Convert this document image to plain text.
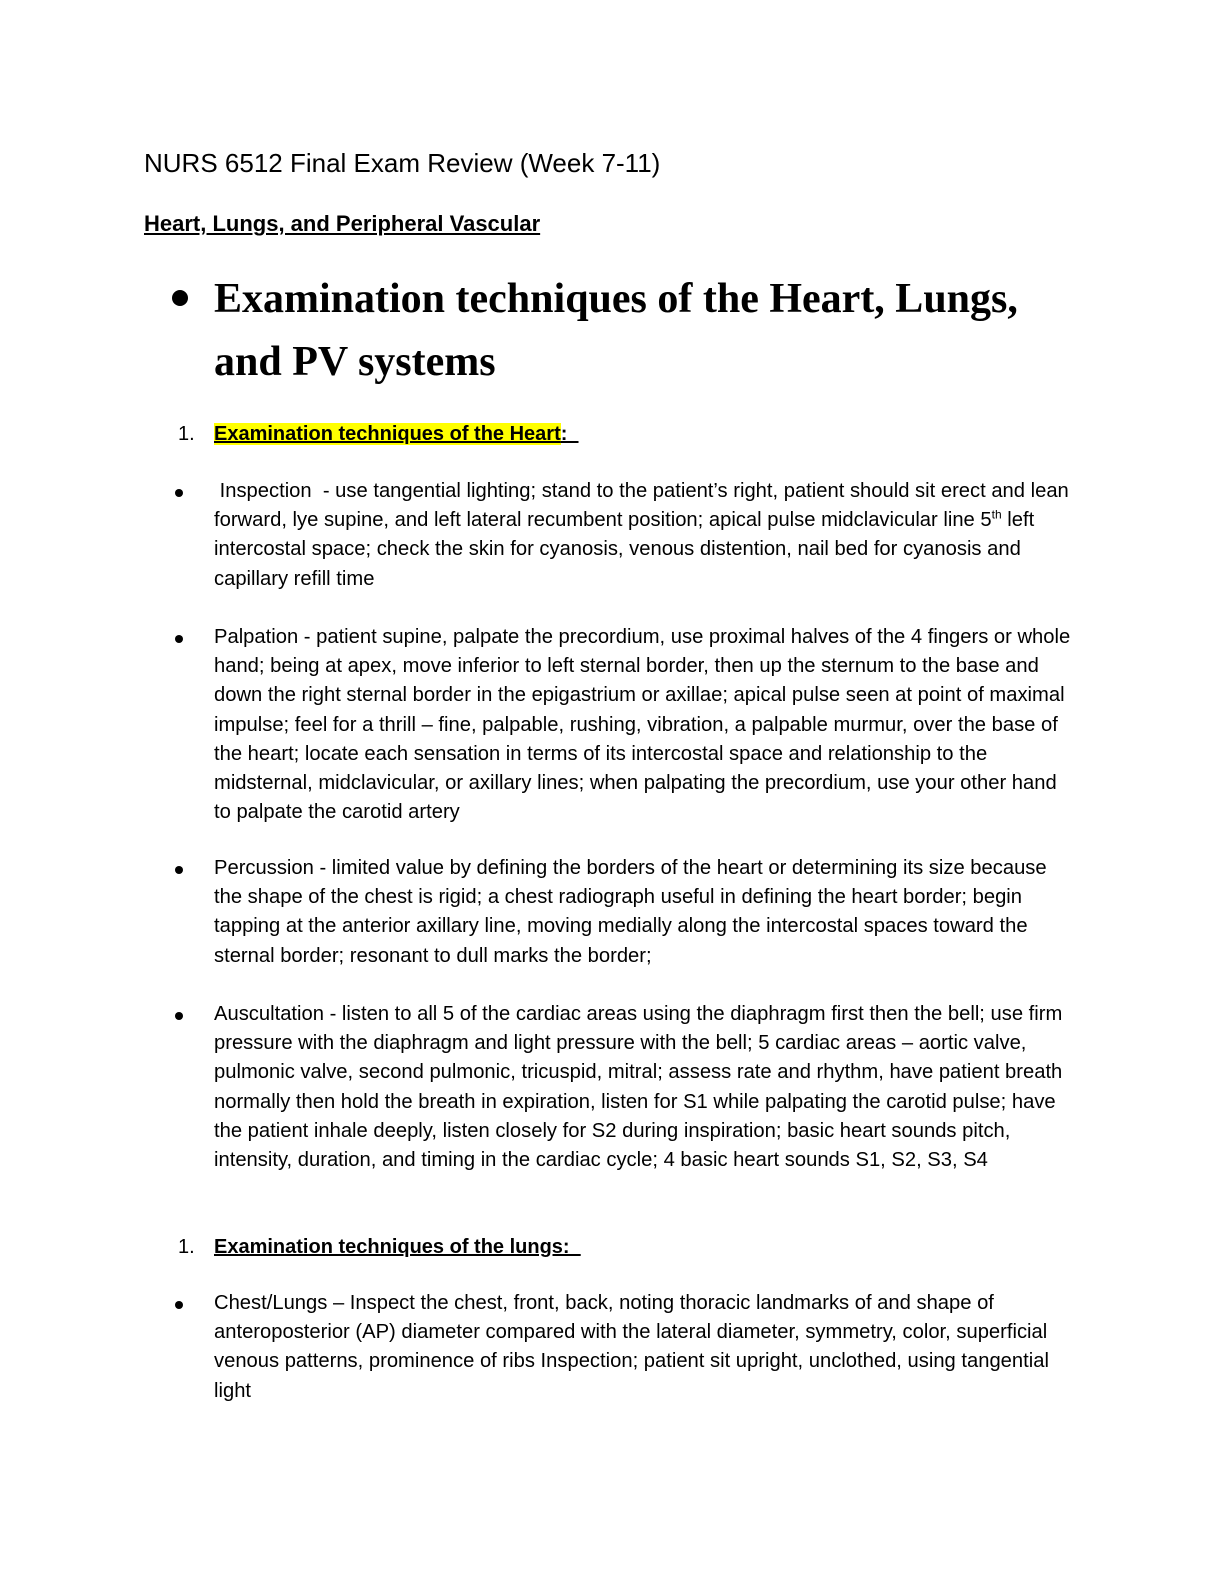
NURS 6512 Final Exam Review (Week 7-11)
Heart, Lungs, and Peripheral Vascular
Examination techniques of the Heart, Lungs, and PV systems
1. Examination techniques of the Heart:
Inspection  - use tangential lighting; stand to the patient’s right, patient should sit erect and lean forward, lye supine, and left lateral recumbent position; apical pulse midclavicular line 5th left intercostal space; check the skin for cyanosis, venous distention, nail bed for cyanosis and capillary refill time
Palpation - patient supine, palpate the precordium, use proximal halves of the 4 fingers or whole hand; being at apex, move inferior to left sternal border, then up the sternum to the base and down the right sternal border in the epigastrium or axillae; apical pulse seen at point of maximal impulse; feel for a thrill – fine, palpable, rushing, vibration, a palpable murmur, over the base of the heart; locate each sensation in terms of its intercostal space and relationship to the midsternal, midclavicular, or axillary lines; when palpating the precordium, use your other hand to palpate the carotid artery
Percussion - limited value by defining the borders of the heart or determining its size because the shape of the chest is rigid; a chest radiograph useful in defining the heart border; begin tapping at the anterior axillary line, moving medially along the intercostal spaces toward the sternal border; resonant to dull marks the border;
Auscultation - listen to all 5 of the cardiac areas using the diaphragm first then the bell; use firm pressure with the diaphragm and light pressure with the bell; 5 cardiac areas – aortic valve, pulmonic valve, second pulmonic, tricuspid, mitral; assess rate and rhythm, have patient breath normally then hold the breath in expiration, listen for S1 while palpating the carotid pulse; have the patient inhale deeply, listen closely for S2 during inspiration; basic heart sounds pitch, intensity, duration, and timing in the cardiac cycle; 4 basic heart sounds S1, S2, S3, S4
1. Examination techniques of the lungs:
Chest/Lungs – Inspect the chest, front, back, noting thoracic landmarks of and shape of anteroposterior (AP) diameter compared with the lateral diameter, symmetry, color, superficial venous patterns, prominence of ribs Inspection; patient sit upright, unclothed, using tangential light
